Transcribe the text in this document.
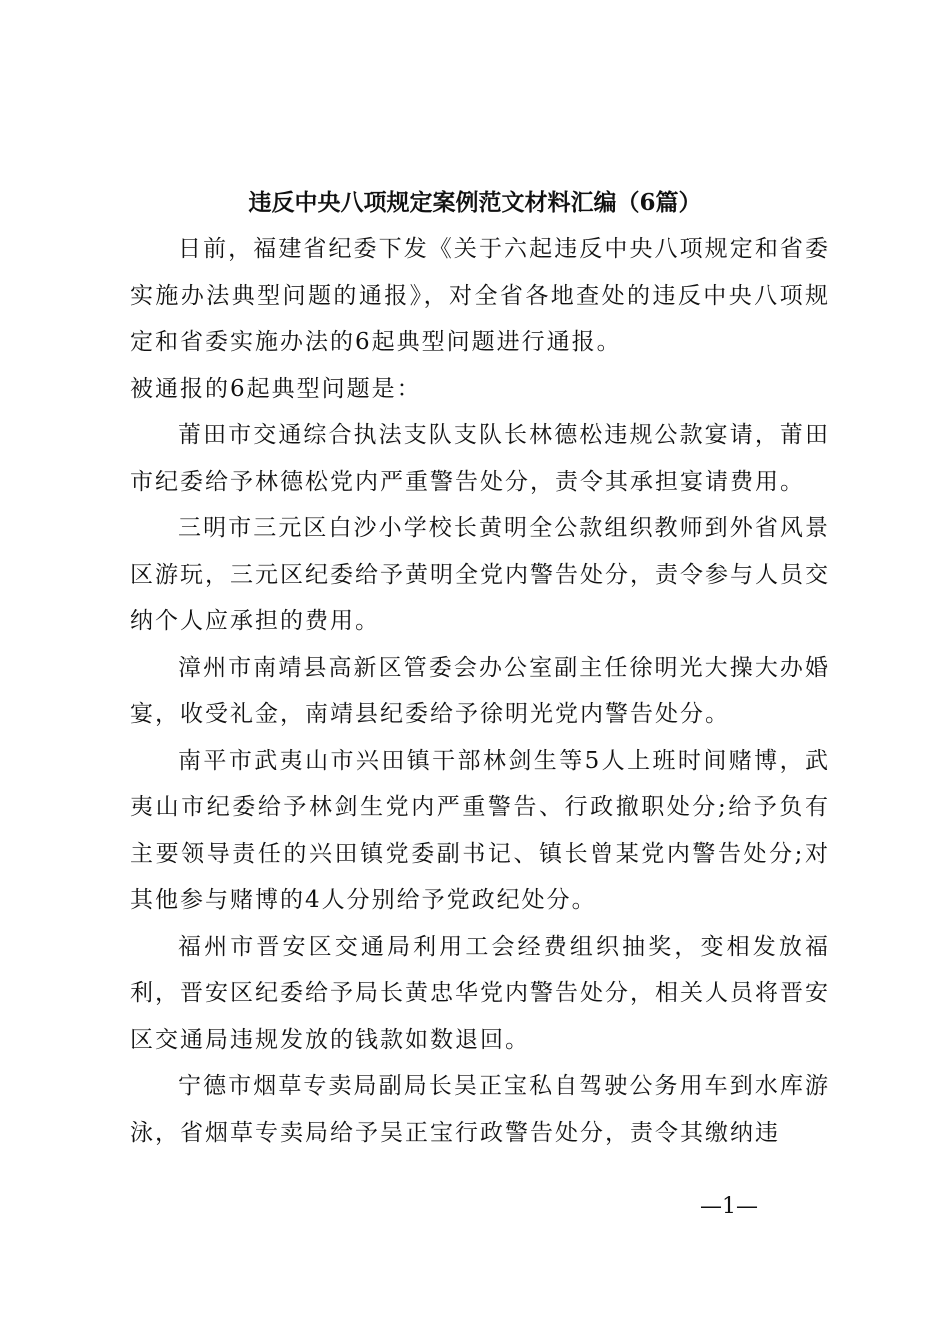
违反中央八项规定案例范文材料汇编（6篇）

日前，福建省纪委下发《关于六起违反中央八项规定和省委实施办法典型问题的通报》，对全省各地查处的违反中央八项规定和省委实施办法的6起典型问题进行通报。

被通报的6起典型问题是：

莆田市交通综合执法支队支队长林德松违规公款宴请，莆田市纪委给予林德松党内严重警告处分，责令其承担宴请费用。

三明市三元区白沙小学校长黄明全公款组织教师到外省风景区游玩，三元区纪委给予黄明全党内警告处分，责令参与人员交纳个人应承担的费用。

漳州市南靖县高新区管委会办公室副主任徐明光大操大办婚宴，收受礼金，南靖县纪委给予徐明光党内警告处分。

南平市武夷山市兴田镇干部林剑生等5人上班时间赌博，武夷山市纪委给予林剑生党内严重警告、行政撤职处分;给予负有主要领导责任的兴田镇党委副书记、镇长曾某党内警告处分;对其他参与赌博的4人分别给予党政纪处分。

福州市晋安区交通局利用工会经费组织抽奖，变相发放福利，晋安区纪委给予局长黄忠华党内警告处分，相关人员将晋安区交通局违规发放的钱款如数退回。

宁德市烟草专卖局副局长吴正宝私自驾驶公务用车到水库游泳，省烟草专卖局给予吴正宝行政警告处分，责令其缴纳违

—1—
